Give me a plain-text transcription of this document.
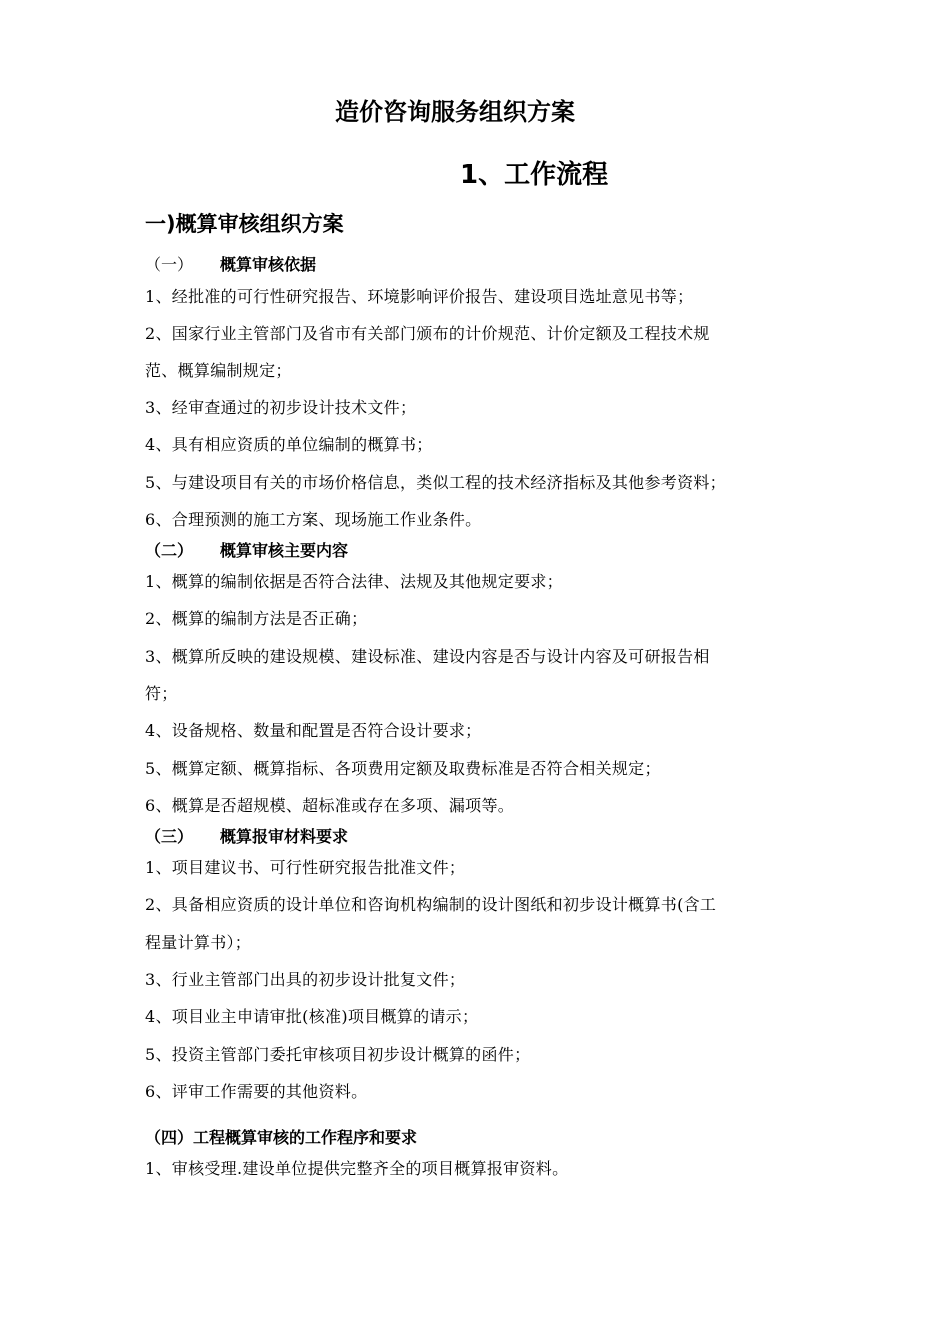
造价咨询服务组织方案
1、工作流程
一)概算审核组织方案
（一） 概算审核依据
1、经批准的可行性研究报告、环境影响评价报告、建设项目选址意见书等；
2、国家行业主管部门及省市有关部门颁布的计价规范、计价定额及工程技术规
范、概算编制规定；
3、经审查通过的初步设计技术文件；
4、具有相应资质的单位编制的概算书；
5、与建设项目有关的市场价格信息，类似工程的技术经济指标及其他参考资料；
6、合理预测的施工方案、现场施工作业条件。
（二） 概算审核主要内容
1、概算的编制依据是否符合法律、法规及其他规定要求；
2、概算的编制方法是否正确；
3、概算所反映的建设规模、建设标准、建设内容是否与设计内容及可研报告相
符；
4、设备规格、数量和配置是否符合设计要求；
5、概算定额、概算指标、各项费用定额及取费标准是否符合相关规定；
6、概算是否超规模、超标准或存在多项、漏项等。
（三） 概算报审材料要求
1、项目建议书、可行性研究报告批准文件；
2、具备相应资质的设计单位和咨询机构编制的设计图纸和初步设计概算书(含工
程量计算书）；
3、行业主管部门出具的初步设计批复文件；
4、项目业主申请审批(核准)项目概算的请示；
5、投资主管部门委托审核项目初步设计概算的函件；
6、评审工作需要的其他资料。
（四）工程概算审核的工作程序和要求
1、审核受理.建设单位提供完整齐全的项目概算报审资料。
